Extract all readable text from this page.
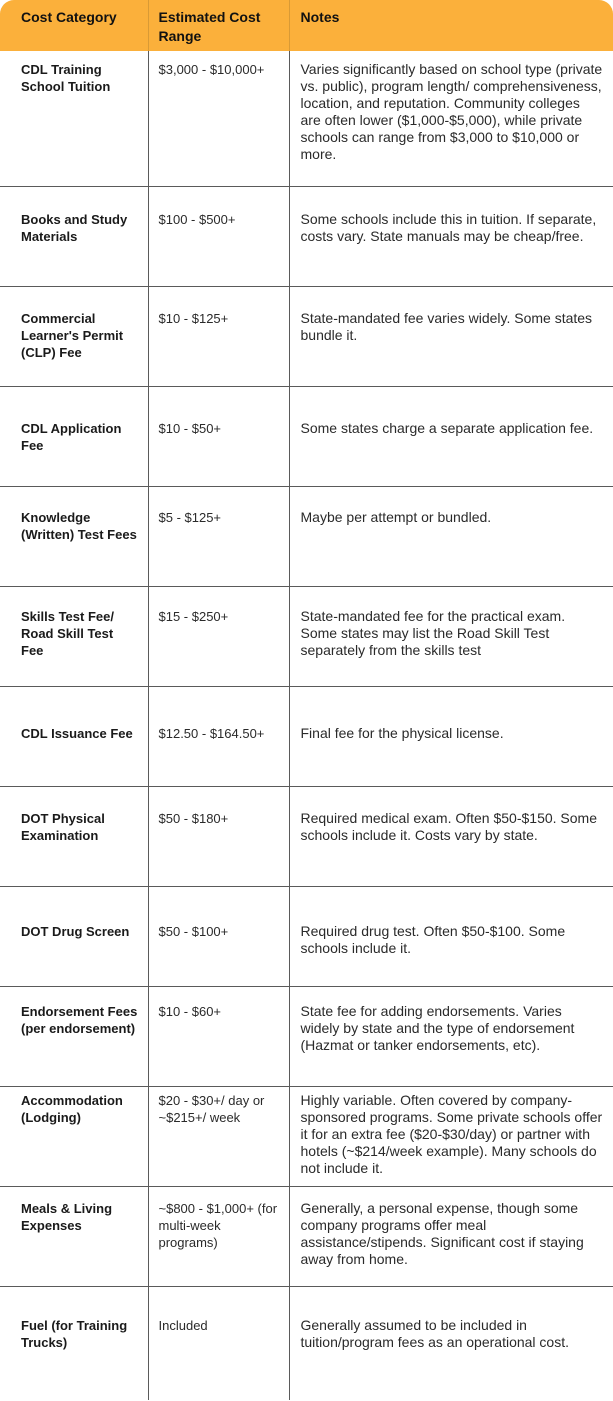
Cost Category	Estimated Cost Range	Notes
CDL Training School Tuition	$3,000 - $10,000+	Varies significantly based on school type (private vs. public), program length/ comprehensiveness, location, and reputation. Community colleges are often lower ($1,000-$5,000), while private schools can range from $3,000 to $10,000 or more.
Books and Study Materials	$100 - $500+	Some schools include this in tuition. If separate, costs vary. State manuals may be cheap/free.
Commercial Learner's Permit (CLP) Fee	$10 - $125+	State-mandated fee varies widely. Some states bundle it.
CDL Application Fee	$10 - $50+	Some states charge a separate application fee.
Knowledge (Written) Test Fees	$5 - $125+	Maybe per attempt or bundled.
Skills Test Fee/ Road Skill Test Fee	$15 - $250+	State-mandated fee for the practical exam. Some states may list the Road Skill Test separately from the skills test
CDL Issuance Fee	$12.50 - $164.50+	Final fee for the physical license.
DOT Physical Examination	$50 - $180+	Required medical exam. Often $50-$150. Some schools include it. Costs vary by state.
DOT Drug Screen	$50 - $100+	Required drug test. Often $50-$100. Some schools include it.
Endorsement Fees (per endorsement)	$10 - $60+	State fee for adding endorsements. Varies widely by state and the type of endorsement (Hazmat or tanker endorsements, etc).
Accommodation (Lodging)	$20 - $30+/ day or ~$215+/ week	Highly variable. Often covered by company-sponsored programs. Some private schools offer it for an extra fee ($20-$30/day) or partner with hotels (~$214/week example). Many schools do not include it.
Meals & Living Expenses	~$800 - $1,000+ (for multi-week programs)	Generally, a personal expense, though some company programs offer meal assistance/stipends. Significant cost if staying away from home.
Fuel (for Training Trucks)	Included	Generally assumed to be included in tuition/program fees as an operational cost.
